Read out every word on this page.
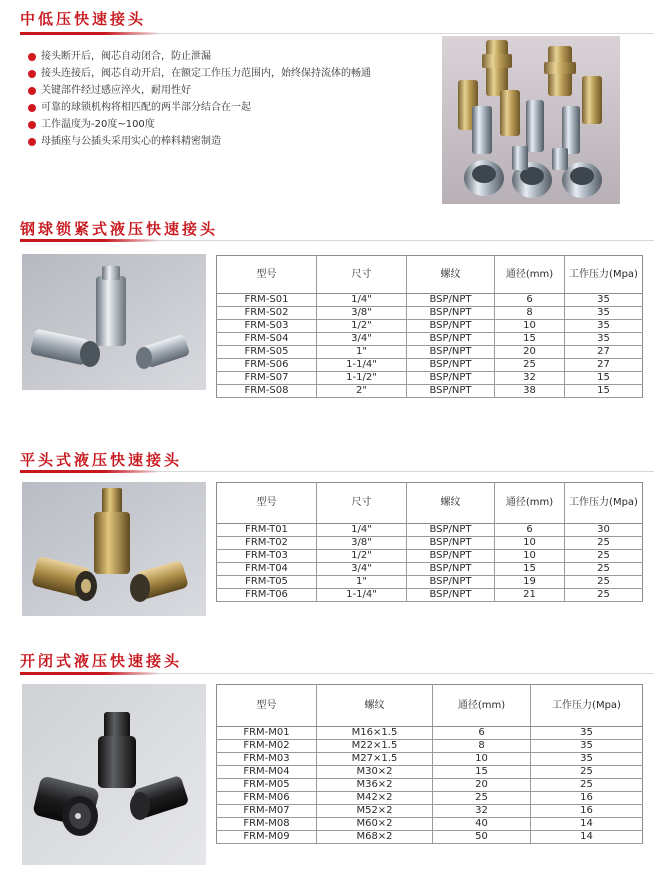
中低压快速接头
接头断开后，阀芯自动闭合，防止泄漏
接头连接后，阀芯自动开启，在额定工作压力范围内，始终保持流体的畅通
关键部件经过感应淬火，耐用性好
可靠的球锁机构将相匹配的两半部分结合在一起
工作温度为-20度~100度
母插座与公插头采用实心的棒料精密制造
钢球锁紧式液压快速接头
型号	尺寸	螺纹	通径(mm)	工作压力(Mpa)
FRM-S01	1/4"	BSP/NPT	6	35
FRM-S02	3/8"	BSP/NPT	8	35
FRM-S03	1/2"	BSP/NPT	10	35
FRM-S04	3/4"	BSP/NPT	15	35
FRM-S05	1"	BSP/NPT	20	27
FRM-S06	1-1/4"	BSP/NPT	25	27
FRM-S07	1-1/2"	BSP/NPT	32	15
FRM-S08	2"	BSP/NPT	38	15
平头式液压快速接头
型号	尺寸	螺纹	通径(mm)	工作压力(Mpa)
FRM-T01	1/4"	BSP/NPT	6	30
FRM-T02	3/8"	BSP/NPT	10	25
FRM-T03	1/2"	BSP/NPT	10	25
FRM-T04	3/4"	BSP/NPT	15	25
FRM-T05	1"	BSP/NPT	19	25
FRM-T06	1-1/4"	BSP/NPT	21	25
开闭式液压快速接头
型号	螺纹	通径(mm)	工作压力(Mpa)
FRM-M01	M16×1.5	6	35
FRM-M02	M22×1.5	8	35
FRM-M03	M27×1.5	10	35
FRM-M04	M30×2	15	25
FRM-M05	M36×2	20	25
FRM-M06	M42×2	25	16
FRM-M07	M52×2	32	16
FRM-M08	M60×2	40	14
FRM-M09	M68×2	50	14
